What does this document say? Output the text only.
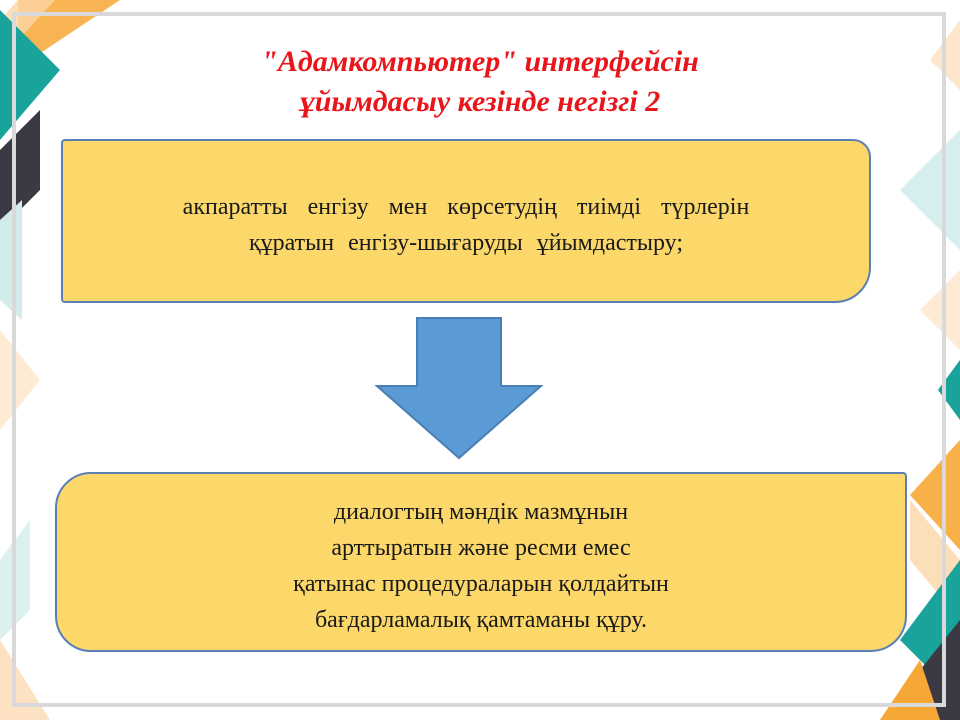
"Адамкомпьютер" интерфейсін
ұйымдасыу кезінде негізгі 2
акпаратты енгізу мен көрсетудің тиімді түрлерін
құратын енгізу-шығаруды ұйымдастыру;
диалогтың мәндік мазмұнын
арттыратын және ресми емес
қатынас процедураларын қолдайтын
бағдарламалық қамтаманы құру.
